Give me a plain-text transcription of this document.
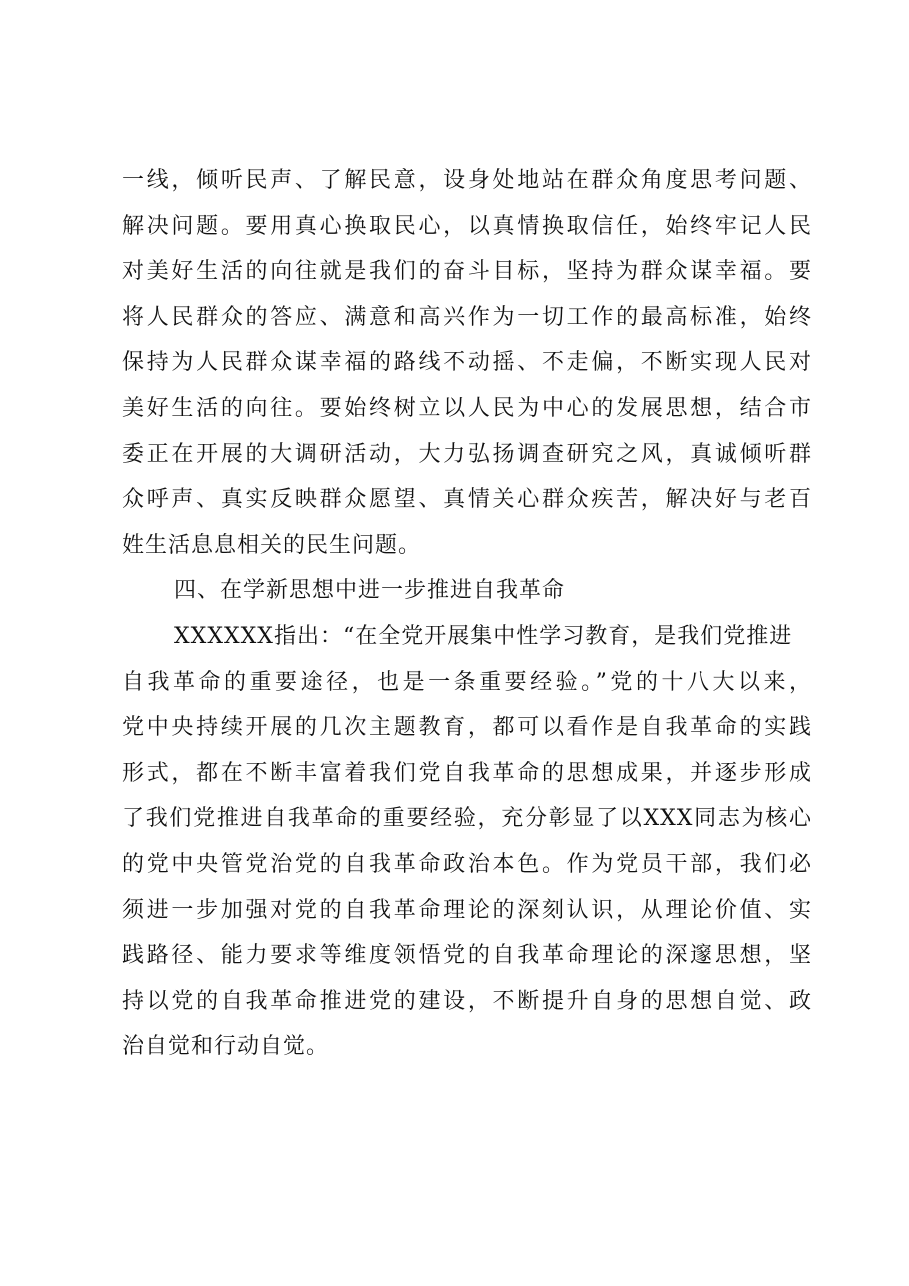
一线，倾听民声、了解民意，设身处地站在群众角度思考问题、
解决问题。要用真心换取民心，以真情换取信任，始终牢记人民
对美好生活的向往就是我们的奋斗目标，坚持为群众谋幸福。要
将人民群众的答应、满意和高兴作为一切工作的最高标准，始终
保持为人民群众谋幸福的路线不动摇、不走偏，不断实现人民对
美好生活的向往。要始终树立以人民为中心的发展思想，结合市
委正在开展的大调研活动，大力弘扬调查研究之风，真诚倾听群
众呼声、真实反映群众愿望、真情关心群众疾苦，解决好与老百
姓生活息息相关的民生问题。
四、在学新思想中进一步推进自我革命
XXXXXX指出：“在全党开展集中性学习教育，是我们党推进
自我革命的重要途径，也是一条重要经验。”党的十八大以来，
党中央持续开展的几次主题教育，都可以看作是自我革命的实践
形式，都在不断丰富着我们党自我革命的思想成果，并逐步形成
了我们党推进自我革命的重要经验，充分彰显了以XXX同志为核心
的党中央管党治党的自我革命政治本色。作为党员干部，我们必
须进一步加强对党的自我革命理论的深刻认识，从理论价值、实
践路径、能力要求等维度领悟党的自我革命理论的深邃思想，坚
持以党的自我革命推进党的建设，不断提升自身的思想自觉、政
治自觉和行动自觉。
